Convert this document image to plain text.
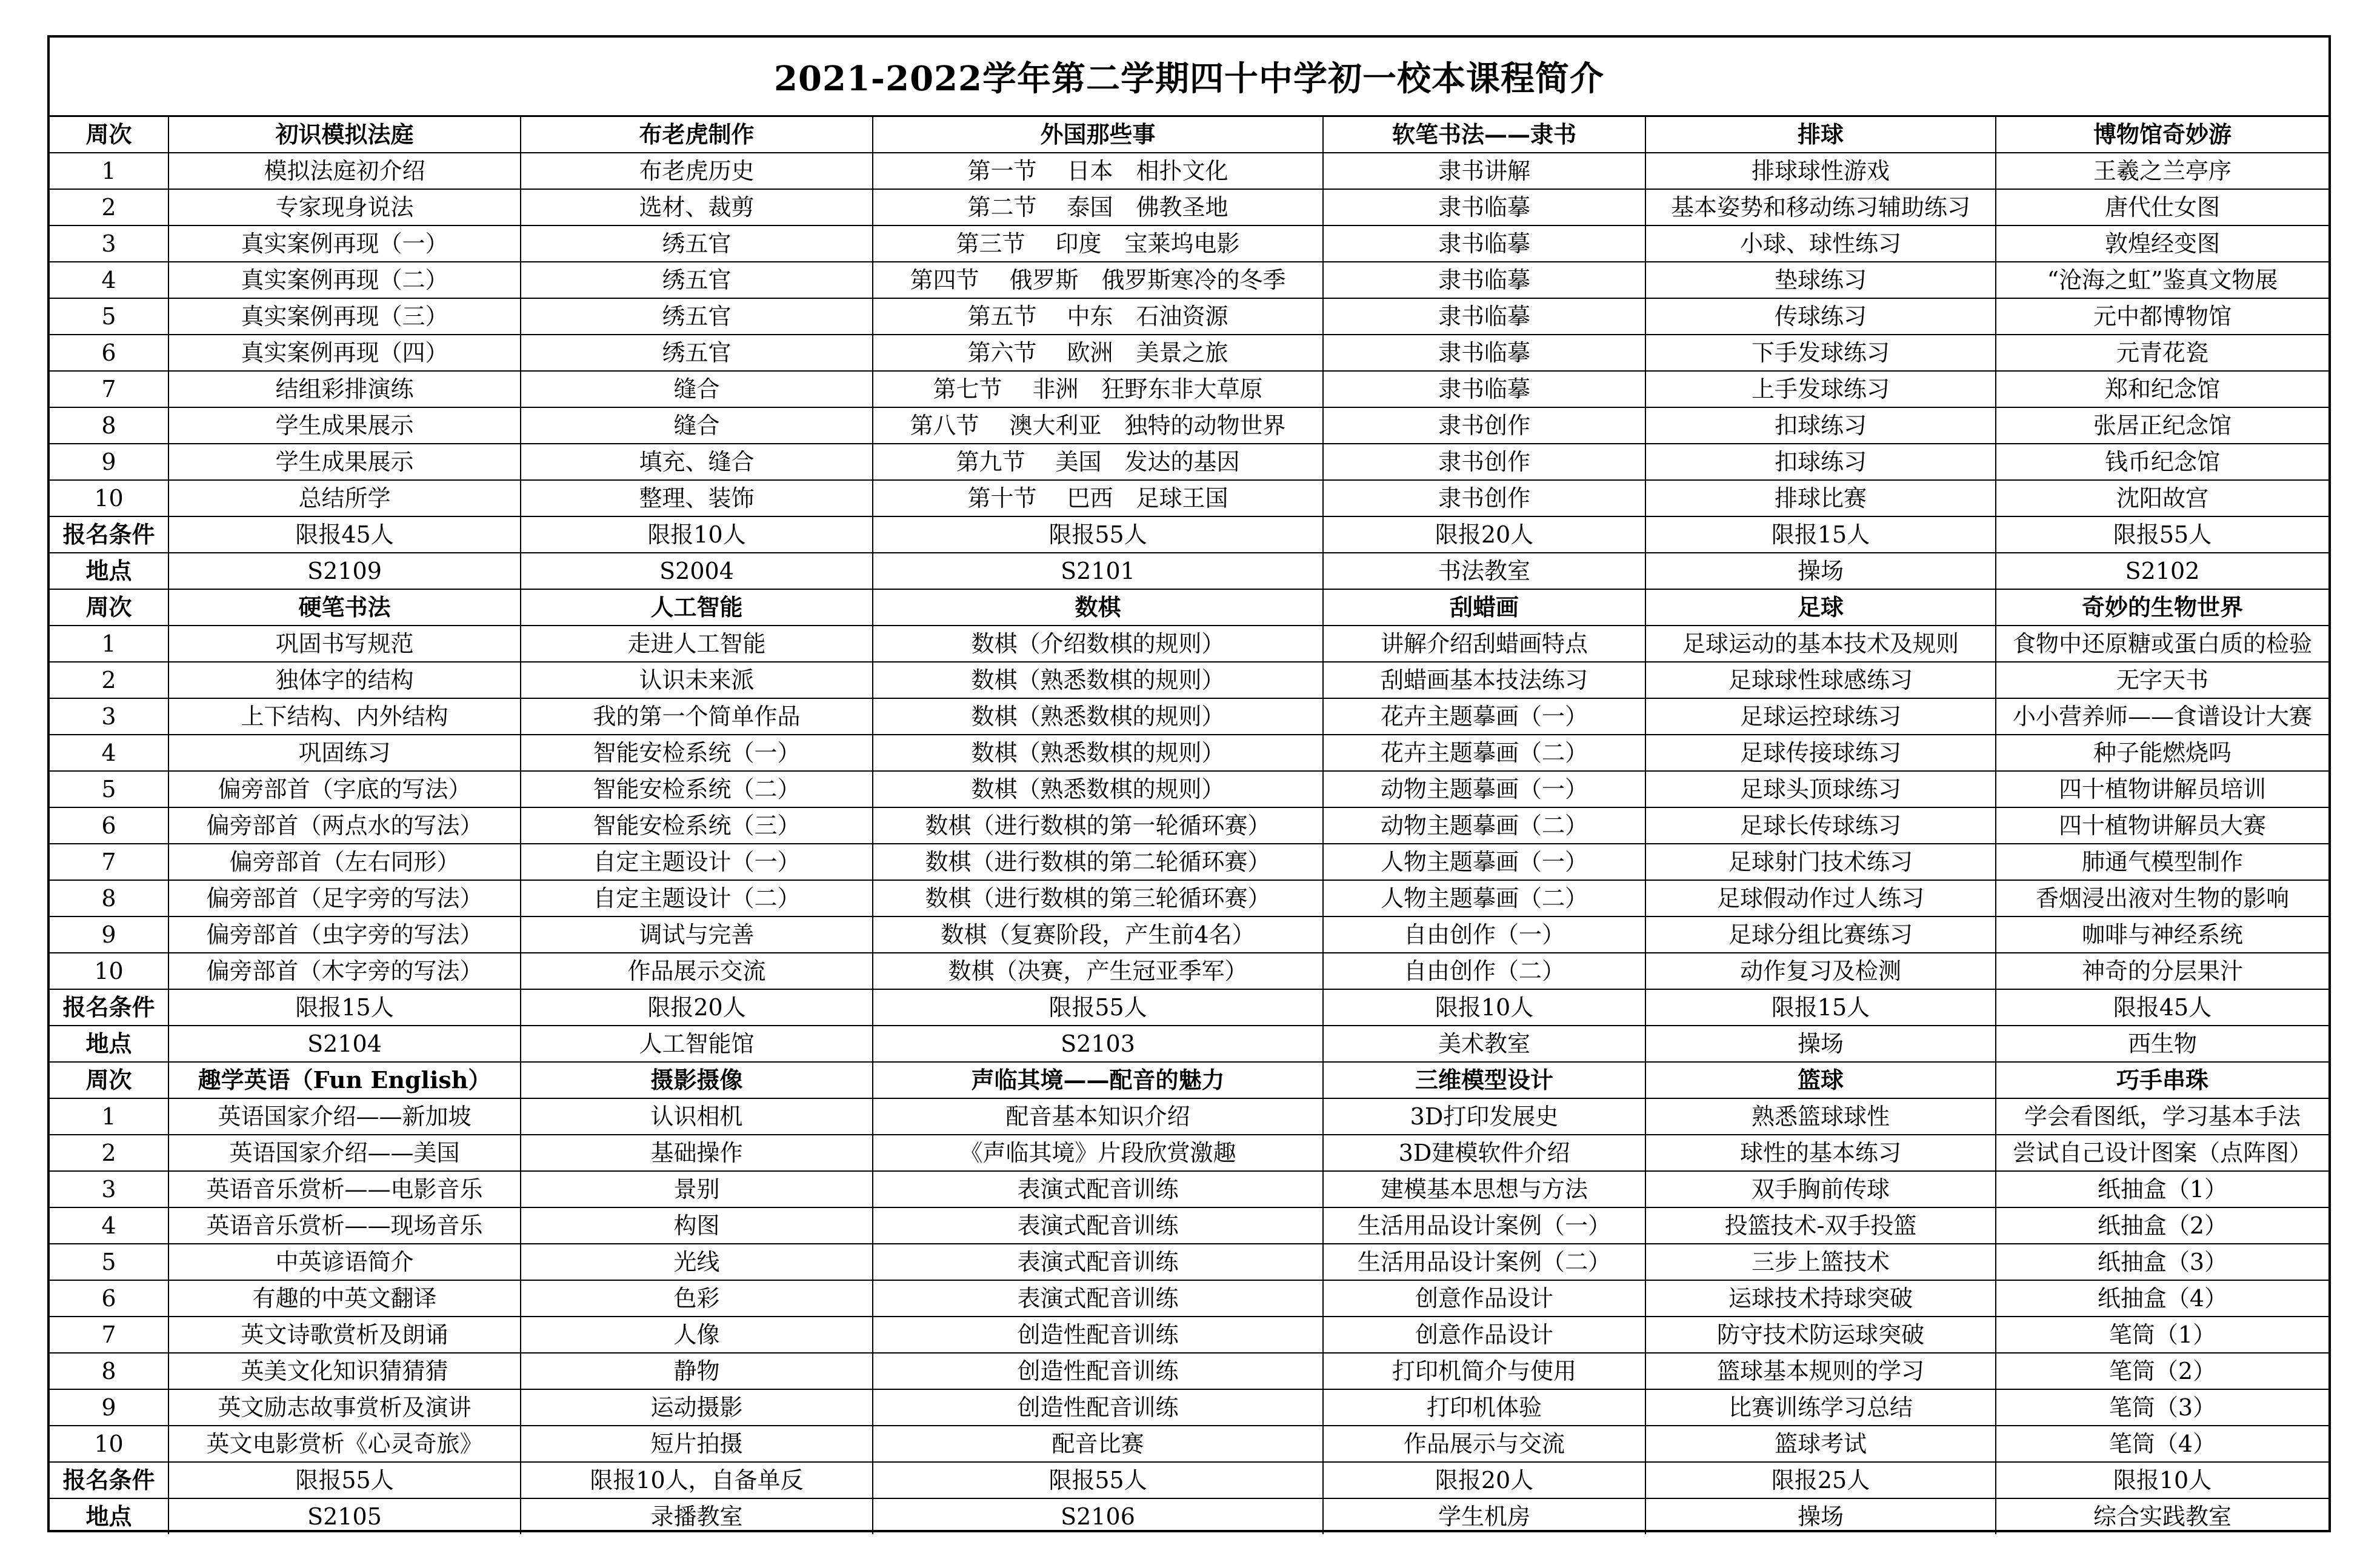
2021-2022学年第二学期四十中学初一校本课程简介
周次	初识模拟法庭	布老虎制作	外国那些事	软笔书法——隶书	排球	博物馆奇妙游
1	模拟法庭初介绍	布老虎历史	第一节　 日本　相扑文化	隶书讲解	排球球性游戏	王羲之兰亭序
2	专家现身说法	选材、裁剪	第二节　 泰国　佛教圣地	隶书临摹	基本姿势和移动练习辅助练习	唐代仕女图
3	真实案例再现（一）	绣五官	第三节　 印度　宝莱坞电影	隶书临摹	小球、球性练习	敦煌经变图
4	真实案例再现（二）	绣五官	第四节　 俄罗斯　俄罗斯寒冷的冬季	隶书临摹	垫球练习	“沧海之虹”鉴真文物展
5	真实案例再现（三）	绣五官	第五节　 中东　石油资源	隶书临摹	传球练习	元中都博物馆
6	真实案例再现（四）	绣五官	第六节　 欧洲　美景之旅	隶书临摹	下手发球练习	元青花瓷
7	结组彩排演练	缝合	第七节　 非洲　狂野东非大草原	隶书临摹	上手发球练习	郑和纪念馆
8	学生成果展示	缝合	第八节　 澳大利亚　独特的动物世界	隶书创作	扣球练习	张居正纪念馆
9	学生成果展示	填充、缝合	第九节　 美国　发达的基因	隶书创作	扣球练习	钱币纪念馆
10	总结所学	整理、装饰	第十节　 巴西　足球王国	隶书创作	排球比赛	沈阳故宫
报名条件	限报45人	限报10人	限报55人	限报20人	限报15人	限报55人
地点	S2109	S2004	S2101	书法教室	操场	S2102
周次	硬笔书法	人工智能	数棋	刮蜡画	足球	奇妙的生物世界
1	巩固书写规范	走进人工智能	数棋（介绍数棋的规则）	讲解介绍刮蜡画特点	足球运动的基本技术及规则	食物中还原糖或蛋白质的检验
2	独体字的结构	认识未来派	数棋（熟悉数棋的规则）	刮蜡画基本技法练习	足球球性球感练习	无字天书
3	上下结构、内外结构	我的第一个简单作品	数棋（熟悉数棋的规则）	花卉主题摹画（一）	足球运控球练习	小小营养师——食谱设计大赛
4	巩固练习	智能安检系统（一）	数棋（熟悉数棋的规则）	花卉主题摹画（二）	足球传接球练习	种子能燃烧吗
5	偏旁部首（字底的写法）	智能安检系统（二）	数棋（熟悉数棋的规则）	动物主题摹画（一）	足球头顶球练习	四十植物讲解员培训
6	偏旁部首（两点水的写法）	智能安检系统（三）	数棋（进行数棋的第一轮循环赛）	动物主题摹画（二）	足球长传球练习	四十植物讲解员大赛
7	偏旁部首（左右同形）	自定主题设计（一）	数棋（进行数棋的第二轮循环赛）	人物主题摹画（一）	足球射门技术练习	肺通气模型制作
8	偏旁部首（足字旁的写法）	自定主题设计（二）	数棋（进行数棋的第三轮循环赛）	人物主题摹画（二）	足球假动作过人练习	香烟浸出液对生物的影响
9	偏旁部首（虫字旁的写法）	调试与完善	数棋（复赛阶段，产生前4名）	自由创作（一）	足球分组比赛练习	咖啡与神经系统
10	偏旁部首（木字旁的写法）	作品展示交流	数棋（决赛，产生冠亚季军）	自由创作（二）	动作复习及检测	神奇的分层果汁
报名条件	限报15人	限报20人	限报55人	限报10人	限报15人	限报45人
地点	S2104	人工智能馆	S2103	美术教室	操场	西生物
周次	趣学英语（Fun English）	摄影摄像	声临其境——配音的魅力	三维模型设计	篮球	巧手串珠
1	英语国家介绍——新加坡	认识相机	配音基本知识介绍	3D打印发展史	熟悉篮球球性	学会看图纸，学习基本手法
2	英语国家介绍——美国	基础操作	《声临其境》片段欣赏激趣	3D建模软件介绍	球性的基本练习	尝试自己设计图案（点阵图）
3	英语音乐赏析——电影音乐	景别	表演式配音训练	建模基本思想与方法	双手胸前传球	纸抽盒（1）
4	英语音乐赏析——现场音乐	构图	表演式配音训练	生活用品设计案例（一）	投篮技术-双手投篮	纸抽盒（2）
5	中英谚语简介	光线	表演式配音训练	生活用品设计案例（二）	三步上篮技术	纸抽盒（3）
6	有趣的中英文翻译	色彩	表演式配音训练	创意作品设计	运球技术持球突破	纸抽盒（4）
7	英文诗歌赏析及朗诵	人像	创造性配音训练	创意作品设计	防守技术防运球突破	笔筒（1）
8	英美文化知识猜猜猜	静物	创造性配音训练	打印机简介与使用	篮球基本规则的学习	笔筒（2）
9	英文励志故事赏析及演讲	运动摄影	创造性配音训练	打印机体验	比赛训练学习总结	笔筒（3）
10	英文电影赏析《心灵奇旅》	短片拍摄	配音比赛	作品展示与交流	篮球考试	笔筒（4）
报名条件	限报55人	限报10人，自备单反	限报55人	限报20人	限报25人	限报10人
地点	S2105	录播教室	S2106	学生机房	操场	综合实践教室
